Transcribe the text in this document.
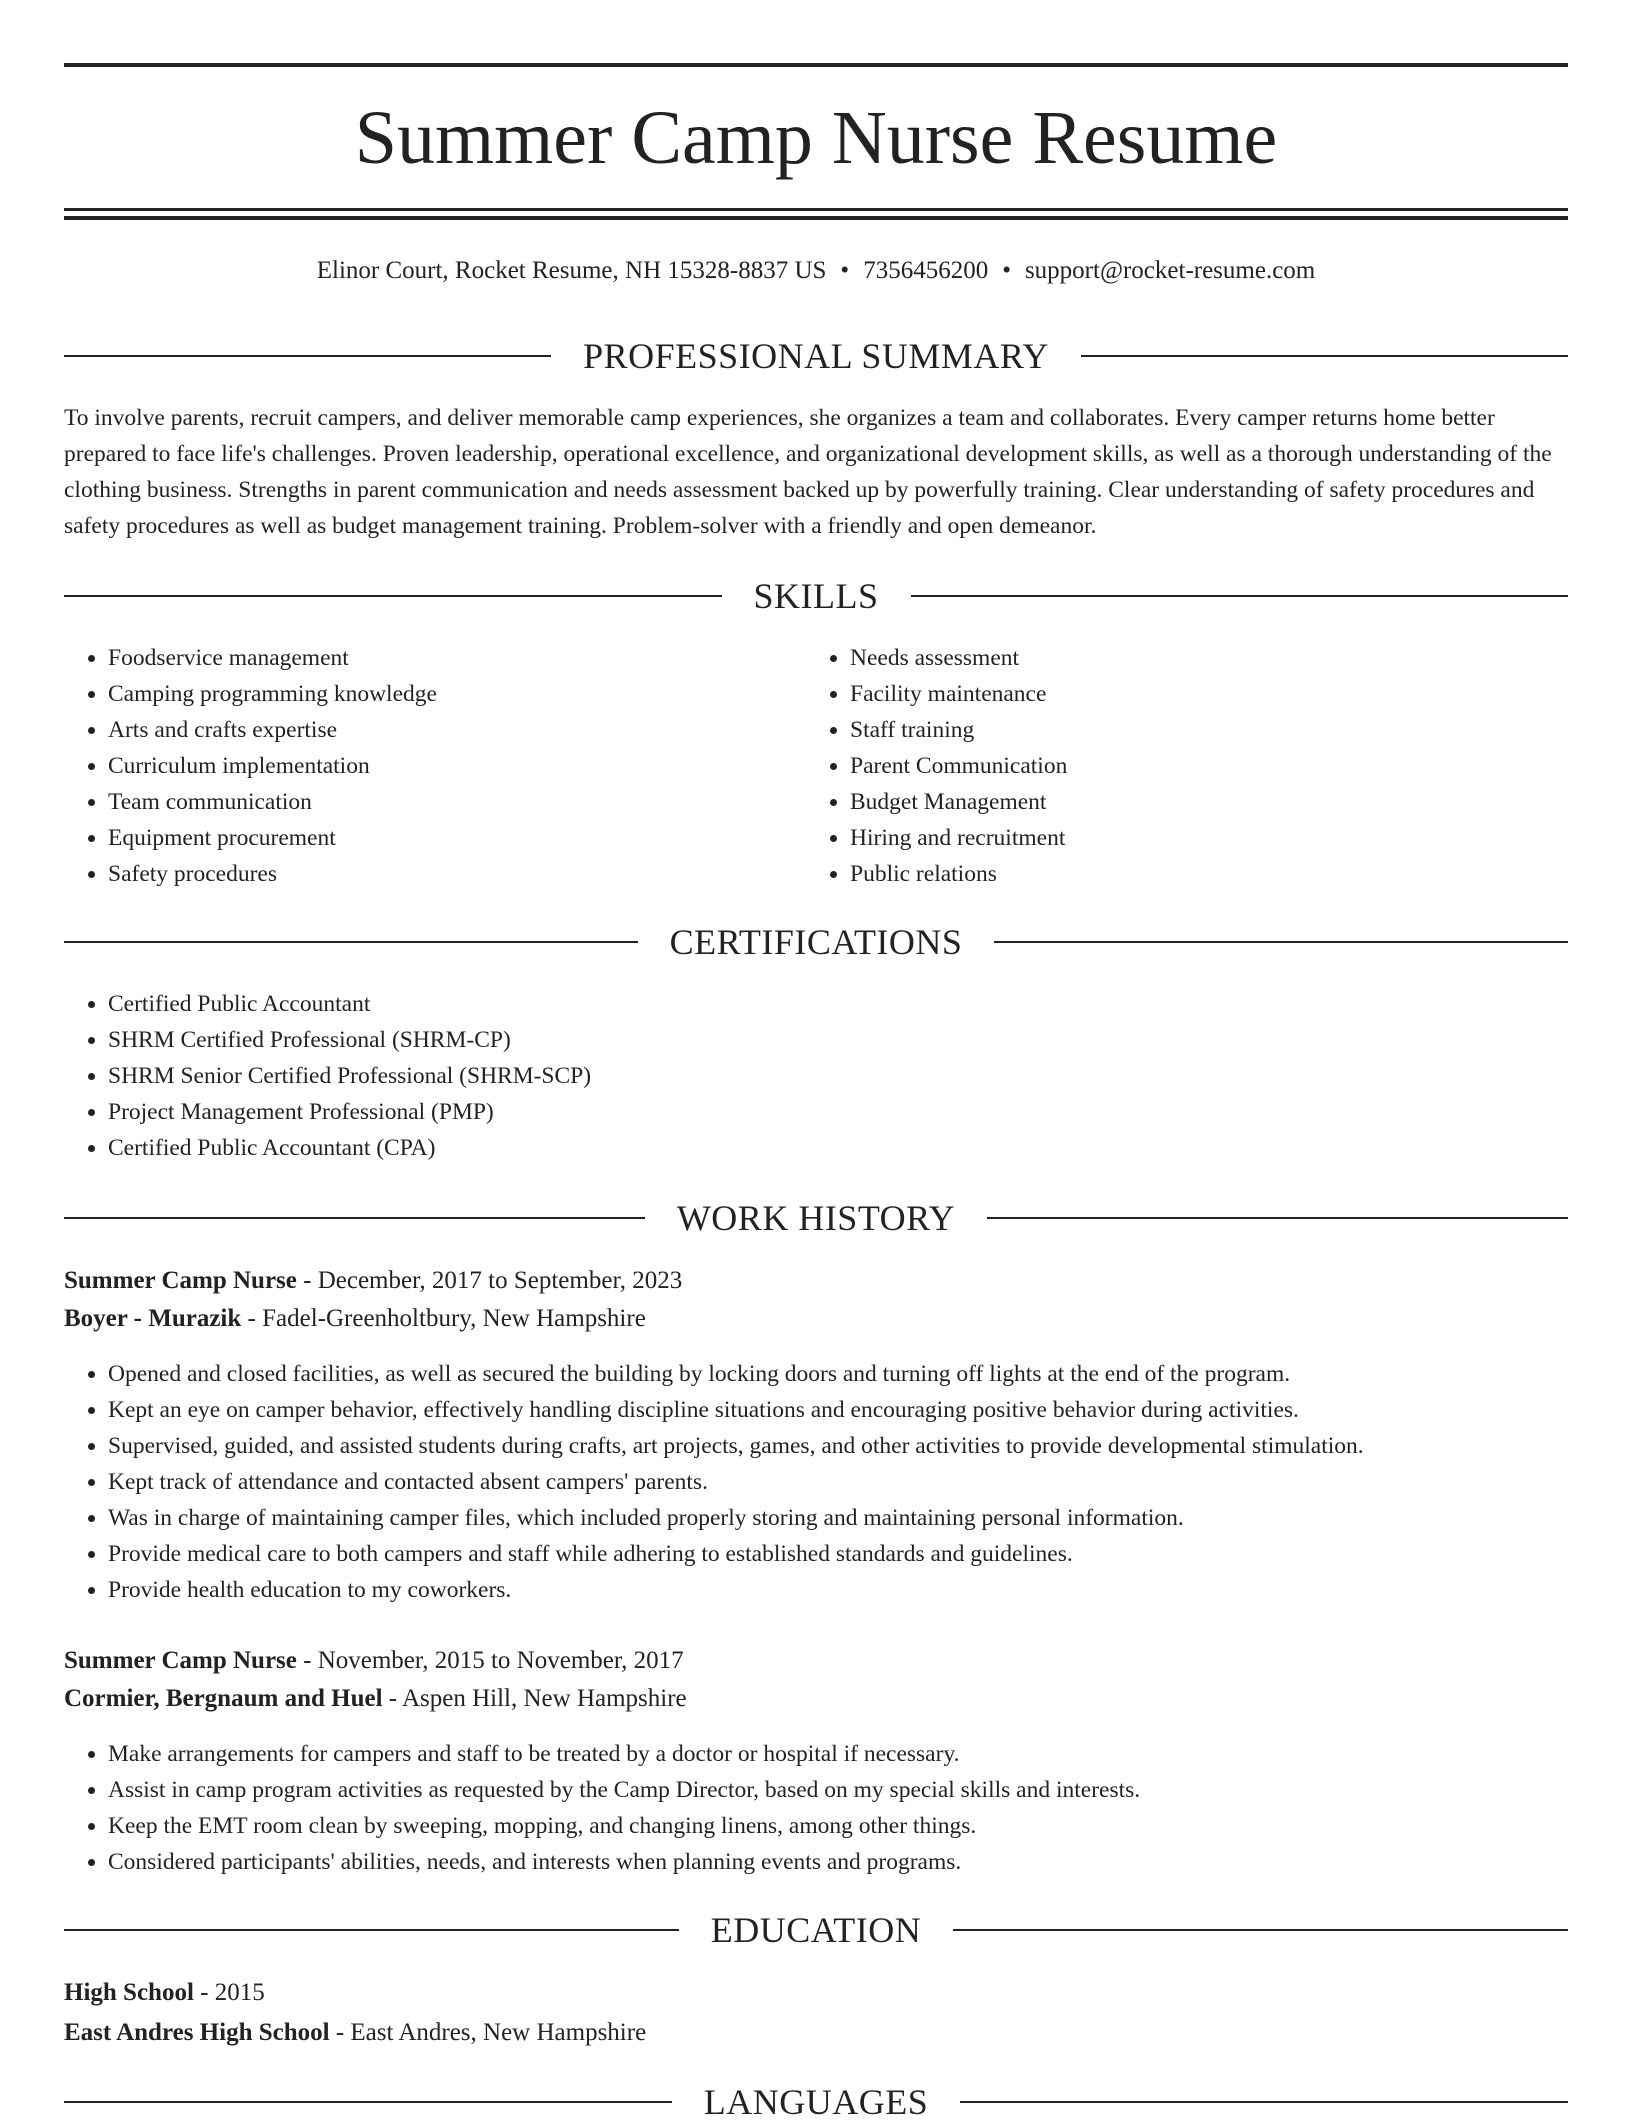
Summer Camp Nurse Resume
Elinor Court, Rocket Resume, NH 15328-8837 US • 7356456200 • support@rocket-resume.com
PROFESSIONAL SUMMARY

To involve parents, recruit campers, and deliver memorable camp experiences, she organizes a team and collaborates. Every camper returns home better prepared to face life's challenges. Proven leadership, operational excellence, and organizational development skills, as well as a thorough understanding of the clothing business. Strengths in parent communication and needs assessment backed up by powerfully training. Clear understanding of safety procedures and safety procedures as well as budget management training. Problem-solver with a friendly and open demeanor.

SKILLS
• Foodservice management
• Camping programming knowledge
• Arts and crafts expertise
• Curriculum implementation
• Team communication
• Equipment procurement
• Safety procedures
• Needs assessment
• Facility maintenance
• Staff training
• Parent Communication
• Budget Management
• Hiring and recruitment
• Public relations
CERTIFICATIONS
• Certified Public Accountant
• SHRM Certified Professional (SHRM-CP)
• SHRM Senior Certified Professional (SHRM-SCP)
• Project Management Professional (PMP)
• Certified Public Accountant (CPA)
WORK HISTORY
Summer Camp Nurse - December, 2017 to September, 2023
Boyer - Murazik - Fadel-Greenholtbury, New Hampshire
• Opened and closed facilities, as well as secured the building by locking doors and turning off lights at the end of the program.
• Kept an eye on camper behavior, effectively handling discipline situations and encouraging positive behavior during activities.
• Supervised, guided, and assisted students during crafts, art projects, games, and other activities to provide developmental stimulation.
• Kept track of attendance and contacted absent campers' parents.
• Was in charge of maintaining camper files, which included properly storing and maintaining personal information.
• Provide medical care to both campers and staff while adhering to established standards and guidelines.
• Provide health education to my coworkers.
Summer Camp Nurse - November, 2015 to November, 2017
Cormier, Bergnaum and Huel - Aspen Hill, New Hampshire
• Make arrangements for campers and staff to be treated by a doctor or hospital if necessary.
• Assist in camp program activities as requested by the Camp Director, based on my special skills and interests.
• Keep the EMT room clean by sweeping, mopping, and changing linens, among other things.
• Considered participants' abilities, needs, and interests when planning events and programs.
EDUCATION
High School - 2015
East Andres High School - East Andres, New Hampshire
LANGUAGES
